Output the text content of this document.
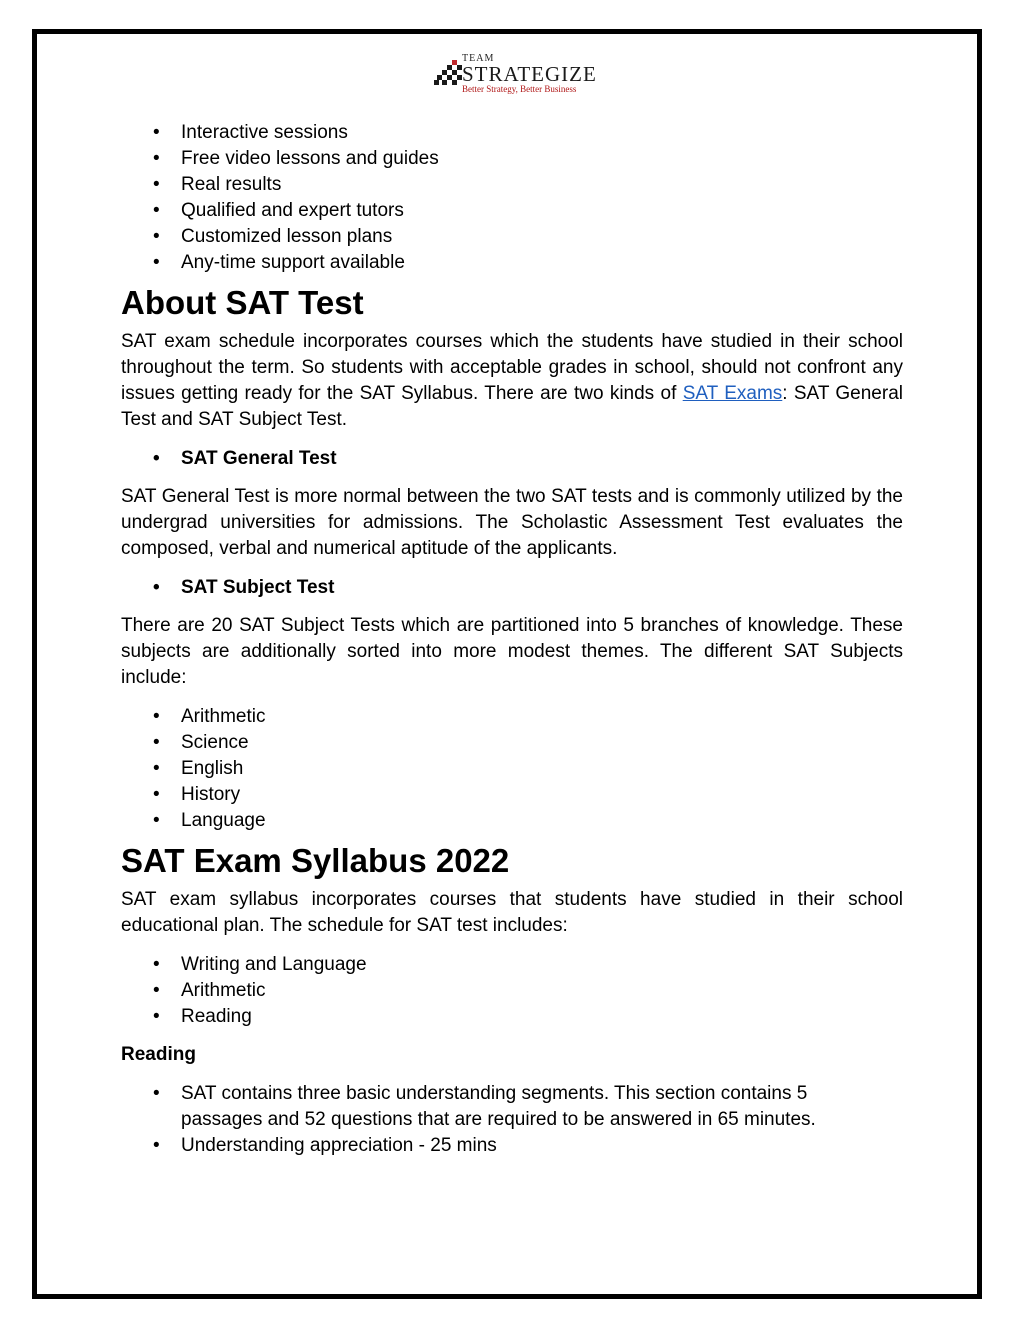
TEAM
STRATEGIZE
Better Strategy, Better Business
• Interactive sessions
• Free video lessons and guides
• Real results
• Qualified and expert tutors
• Customized lesson plans
• Any-time support available
About SAT Test

SAT exam schedule incorporates courses which the students have studied in their school throughout the term. So students with acceptable grades in school, should not confront any issues getting ready for the SAT Syllabus. There are two kinds of SAT Exams: SAT General Test and SAT Subject Test.

• SAT General Test

SAT General Test is more normal between the two SAT tests and is commonly utilized by the undergrad universities for admissions. The Scholastic Assessment Test evaluates the composed, verbal and numerical aptitude of the applicants.

• SAT Subject Test

There are 20 SAT Subject Tests which are partitioned into 5 branches of knowledge. These subjects are additionally sorted into more modest themes. The different SAT Subjects include:

• Arithmetic
• Science
• English
• History
• Language
SAT Exam Syllabus 2022

SAT exam syllabus incorporates courses that students have studied in their school educational plan. The schedule for SAT test includes:

• Writing and Language
• Arithmetic
• Reading

Reading

• SAT contains three basic understanding segments. This section contains 5 passages and 52 questions that are required to be answered in 65 minutes.
• Understanding appreciation - 25 mins
